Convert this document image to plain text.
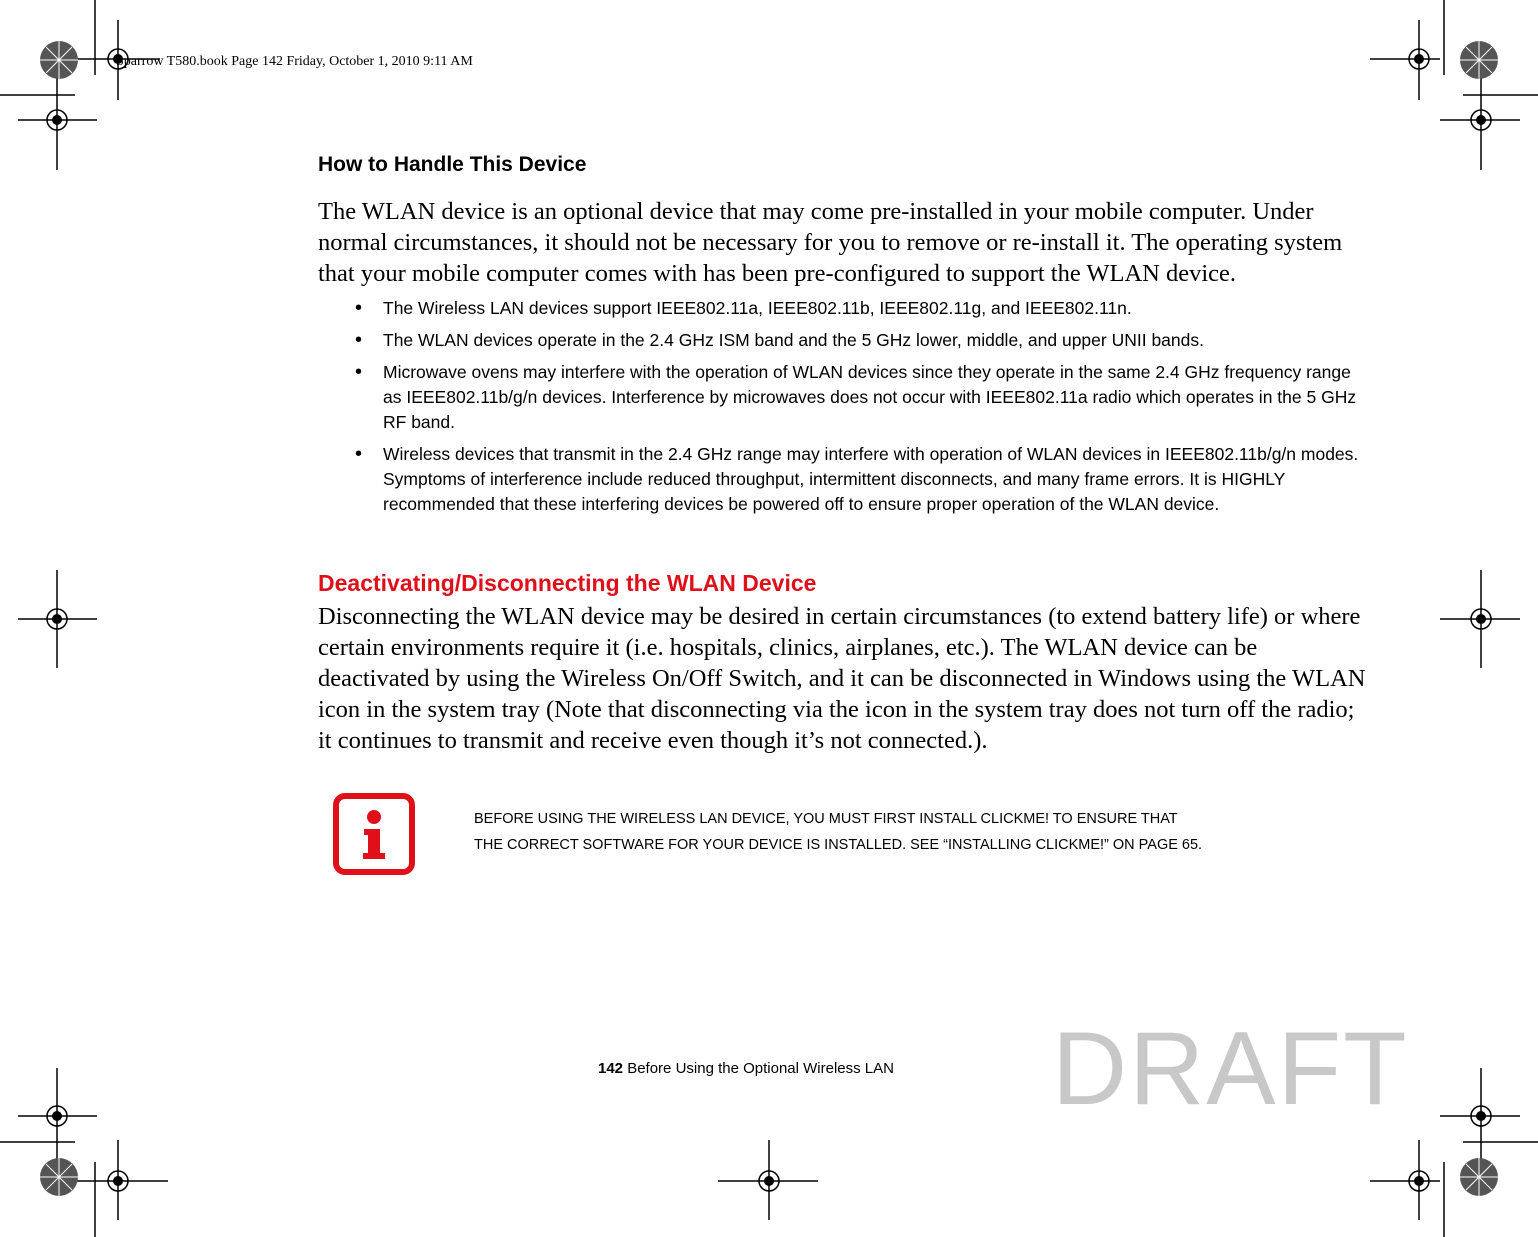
Sparrow T580.book Page 142 Friday, October 1, 2010 9:11 AM
How to Handle This Device
The WLAN device is an optional device that may come pre-installed in your mobile computer. Under normal circumstances, it should not be necessary for you to remove or re-install it. The operating system that your mobile computer comes with has been pre-configured to support the WLAN device.
• The Wireless LAN devices support IEEE802.11a, IEEE802.11b, IEEE802.11g, and IEEE802.11n.
• The WLAN devices operate in the 2.4 GHz ISM band and the 5 GHz lower, middle, and upper UNII bands.
• Microwave ovens may interfere with the operation of WLAN devices since they operate in the same 2.4 GHz frequency range as IEEE802.11b/g/n devices. Interference by microwaves does not occur with IEEE802.11a radio which operates in the 5 GHz RF band.
• Wireless devices that transmit in the 2.4 GHz range may interfere with operation of WLAN devices in IEEE802.11b/g/n modes. Symptoms of interference include reduced throughput, intermittent disconnects, and many frame errors. It is HIGHLY recommended that these interfering devices be powered off to ensure proper operation of the WLAN device.
Deactivating/Disconnecting the WLAN Device
Disconnecting the WLAN device may be desired in certain circumstances (to extend battery life) or where certain environments require it (i.e. hospitals, clinics, airplanes, etc.). The WLAN device can be deactivated by using the Wireless On/Off Switch, and it can be disconnected in Windows using the WLAN icon in the system tray (Note that disconnecting via the icon in the system tray does not turn off the radio; it continues to transmit and receive even though it’s not connected.).
BEFORE USING THE WIRELESS LAN DEVICE, YOU MUST FIRST INSTALL CLICKME! TO ENSURE THAT
THE CORRECT SOFTWARE FOR YOUR DEVICE IS INSTALLED. SEE “INSTALLING CLICKME!” ON PAGE 65.
142 Before Using the Optional Wireless LAN DRAFT
